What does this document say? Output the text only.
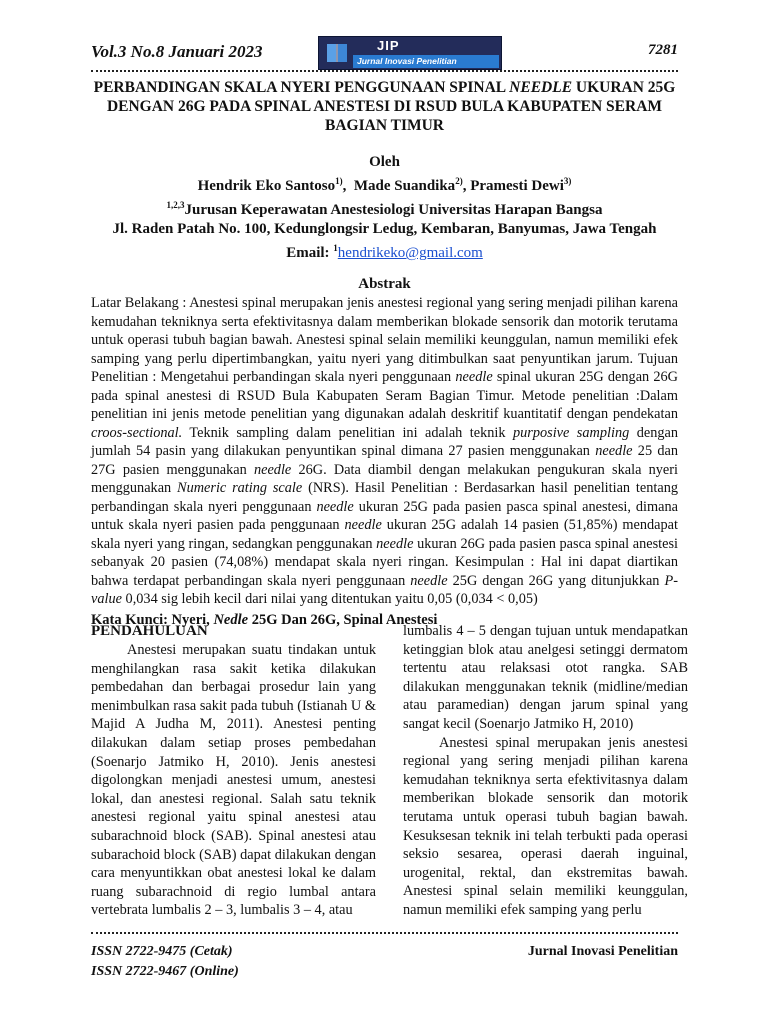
Vol.3 No.8 Januari 2023	JIP
Jurnal Inovasi Penelitian
7281
PERBANDINGAN SKALA NYERI PENGGUNAAN SPINAL NEEDLE UKURAN 25G
DENGAN 26G PADA SPINAL ANESTESI DI RSUD BULA KABUPATEN SERAM
BAGIAN TIMUR
Oleh
Hendrik Eko Santoso$^{1)}$,  Made Suandika$^{2)}$, Pramesti Dewi$^{3)}$
$^{1,2,3}$Jurusan Keperawatan Anestesiologi Universitas Harapan Bangsa
Jl. Raden Patah No. 100, Kedunglongsir Ledug, Kembaran, Banyumas, Jawa Tengah
Email: $^1$hendrikeko@gmail.com
Abstrak
Latar Belakang : Anestesi spinal merupakan jenis anestesi regional yang sering menjadi pilihan karena kemudahan tekniknya serta efektivitasnya dalam memberikan blokade sensorik dan motorik terutama untuk operasi tubuh bagian bawah. Anestesi spinal selain memiliki keunggulan, namun memiliki efek samping yang perlu dipertimbangkan, yaitu nyeri yang ditimbulkan saat penyuntikan jarum. Tujuan Penelitian : Mengetahui perbandingan skala nyeri penggunaan needle spinal ukuran 25G dengan 26G pada spinal anestesi di RSUD Bula Kabupaten Seram Bagian Timur. Metode penelitian :Dalam penelitian ini jenis metode penelitian yang digunakan adalah deskritif kuantitatif dengan pendekatan croos-sectional. Teknik sampling dalam penelitian ini adalah teknik purposive sampling dengan jumlah 54 pasin yang dilakukan penyuntikan spinal dimana 27 pasien menggunakan needle 25 dan 27G pasien menggunakan needle 26G. Data diambil dengan melakukan pengukuran skala nyeri menggunakan Numeric rating scale (NRS). Hasil Penelitian : Berdasarkan hasil penelitian tentang perbandingan skala nyeri penggunaan needle ukuran 25G pada pasien pasca spinal anestesi, dimana untuk skala nyeri pasien pada penggunaan needle ukuran 25G adalah 14 pasien (51,85%) mendapat skala nyeri yang ringan, sedangkan penggunakan needle ukuran 26G pada pasien pasca spinal anestesi sebanyak 20 pasien (74,08%) mendapat skala nyeri ringan. Kesimpulan : Hal ini dapat diartikan bahwa terdapat perbandingan skala nyeri penggunaan needle 25G dengan 26G yang ditunjukkan P-value 0,034 sig lebih kecil dari nilai yang ditentukan yaitu 0,05 (0,034 < 0,05)
Kata Kunci: Nyeri, Nedle 25G Dan 26G, Spinal Anestesi
PENDAHULUAN
Anestesi merupakan suatu tindakan untuk menghilangkan rasa sakit ketika dilakukan pembedahan dan berbagai prosedur lain yang menimbulkan rasa sakit pada tubuh (Istianah U & Majid A Judha M, 2011). Anestesi penting dilakukan dalam setiap proses pembedahan (Soenarjo Jatmiko H, 2010). Jenis anestesi digolongkan menjadi anestesi umum, anestesi lokal, dan anestesi regional. Salah satu teknik anestesi regional yaitu spinal anestesi atau subarachnoid block (SAB). Spinal anestesi atau subarachoid block (SAB) dapat dilakukan dengan cara menyuntikkan obat anestesi lokal ke dalam ruang subarachnoid di regio lumbal antara vertebrata lumbalis 2 – 3, lumbalis 3 – 4, atau
lumbalis 4 – 5 dengan tujuan untuk mendapatkan ketinggian blok atau anelgesi setinggi dermatom tertentu atau relaksasi otot rangka. SAB dilakukan menggunakan teknik (midline/median atau paramedian) dengan jarum spinal yang sangat kecil (Soenarjo Jatmiko H, 2010)
Anestesi spinal merupakan jenis anestesi regional yang sering menjadi pilihan karena kemudahan tekniknya serta efektivitasnya dalam memberikan blokade sensorik dan motorik terutama untuk operasi tubuh bagian bawah. Kesuksesan teknik ini telah terbukti pada operasi seksio sesarea, operasi daerah inguinal, urogenital, rektal, dan ekstremitas bawah. Anestesi spinal selain memiliki keunggulan, namun memiliki efek samping yang perlu
ISSN 2722-9475 (Cetak)
ISSN 2722-9467 (Online)
Jurnal Inovasi Penelitian
